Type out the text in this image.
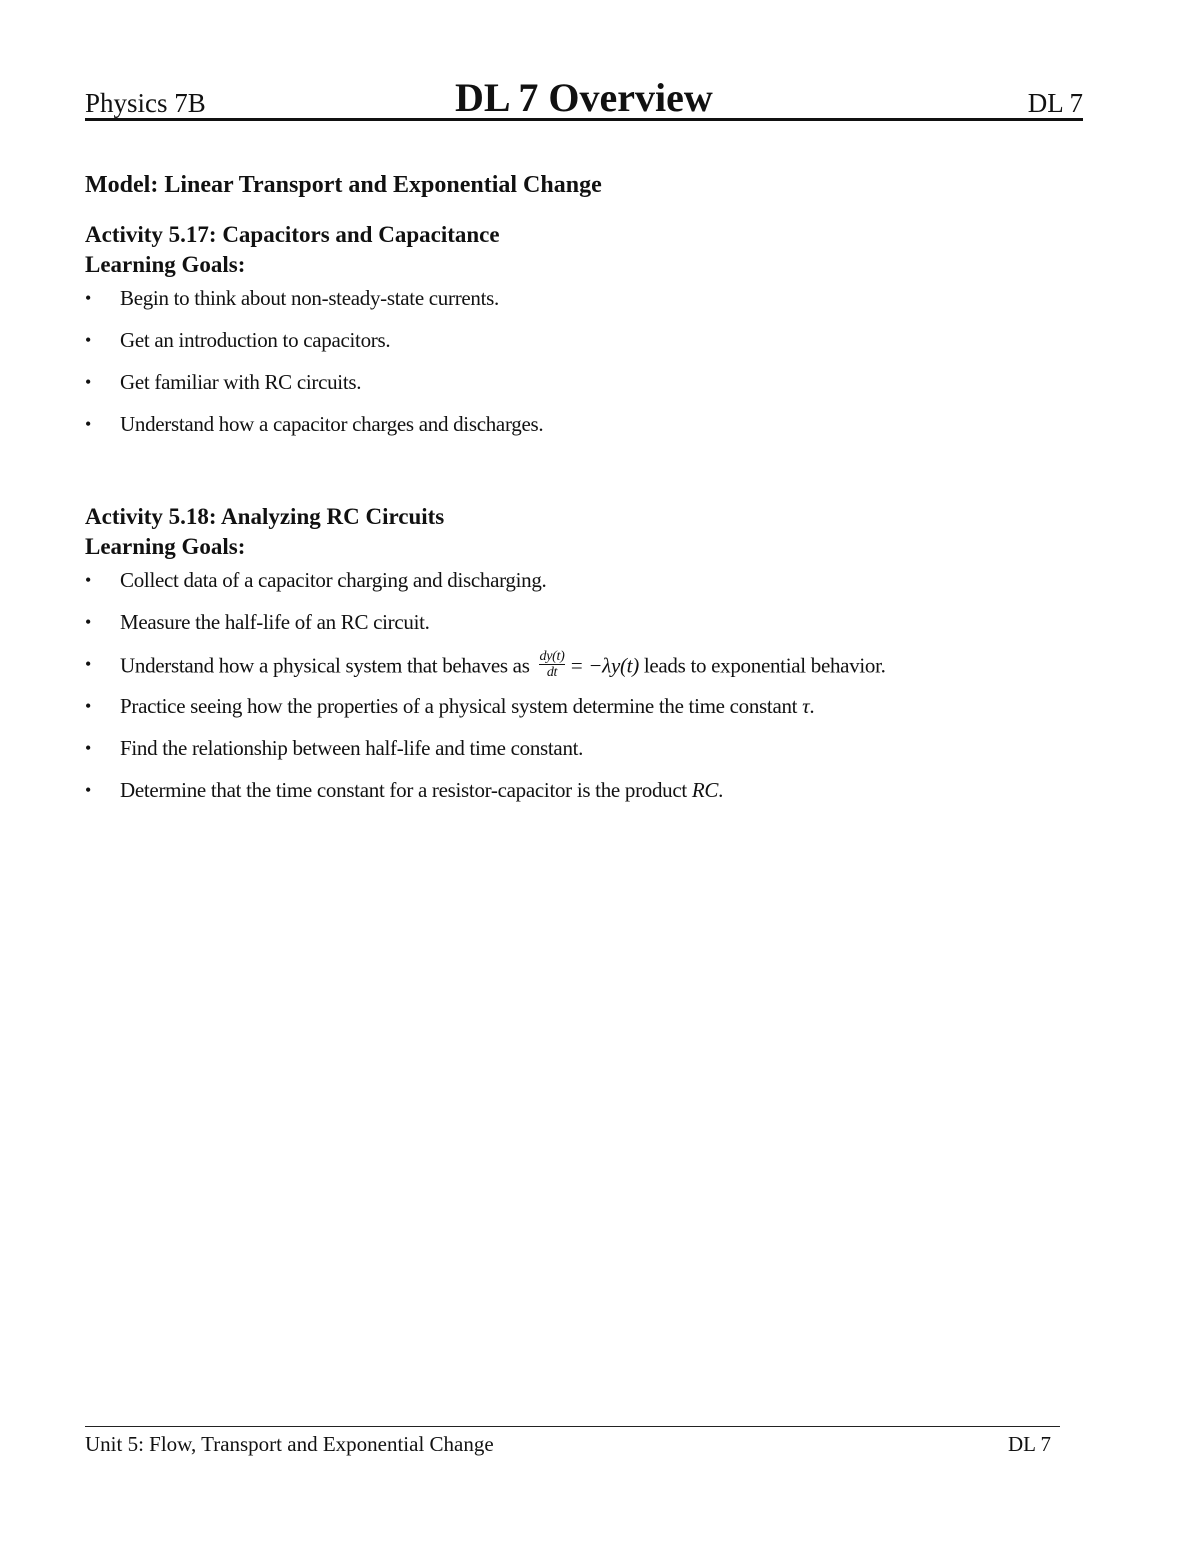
Physics 7B	DL 7 Overview	DL 7
Model: Linear Transport and Exponential Change
Activity 5.17: Capacitors and Capacitance

Learning Goals:

• Begin to think about non-steady-state currents.
• Get an introduction to capacitors.
• Get familiar with RC circuits.
• Understand how a capacitor charges and discharges.
Activity 5.18: Analyzing RC Circuits

Learning Goals:

• Collect data of a capacitor charging and discharging.
• Measure the half-life of an RC circuit.
• Understand how a physical system that behaves as $\frac{dy(t)}{dt} = -\lambda y(t)$ leads to exponential behavior.
• Practice seeing how the properties of a physical system determine the time constant τ.
• Find the relationship between half-life and time constant.
• Determine that the time constant for a resistor-capacitor is the product RC.
Unit 5: Flow, Transport and Exponential Change	DL 7
